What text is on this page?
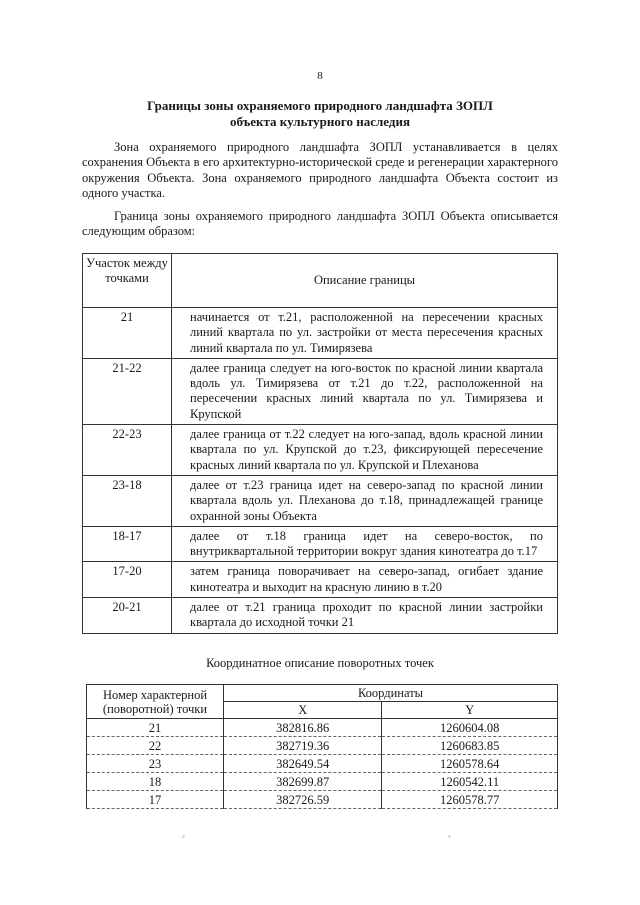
8
Границы зоны охраняемого природного ландшафта ЗОПЛ
объекта культурного наследия

Зона охраняемого природного ландшафта ЗОПЛ устанавливается в целях сохранения Объекта в его архитектурно-исторической среде и регенерации характерного окружения Объекта. Зона охраняемого природного ландшафта Объекта состоит из одного участка.

Граница зоны охраняемого природного ландшафта ЗОПЛ Объекта описывается следующим образом:

Участок между точками	Описание границы
21	начинается от т.21, расположенной на пересечении красных линий квартала по ул. застройки от места пересечения красных линий квартала по ул. Тимирязева
21-22	далее граница следует на юго-восток по красной линии квартала вдоль ул. Тимирязева от т.21 до т.22, расположенной на пересечении красных линий квартала по ул. Тимирязева и Крупской
22-23	далее граница от т.22 следует на юго-запад, вдоль красной линии квартала по ул. Крупской до т.23, фиксирующей пересечение красных линий квартала по ул. Крупской и Плеханова
23-18	далее от т.23 граница идет на северо-запад по красной линии квартала вдоль ул. Плеханова до т.18, принадлежащей границе охранной зоны Объекта
18-17	далее от т.18 граница идет на северо-восток, по внутриквартальной территории вокруг здания кинотеатра до т.17
17-20	затем граница поворачивает на северо-запад, огибает здание кинотеатра и выходит на красную линию в т.20
20-21	далее от т.21 граница проходит по красной линии застройки квартала до исходной точки 21
Координатное описание поворотных точек
Номер характерной (поворотной) точки	Координаты	
	X	Y
21	382816.86	1260604.08
22	382719.36	1260683.85
23	382649.54	1260578.64
18	382699.87	1260542.11
17	382726.59	1260578.77
◦	◦
